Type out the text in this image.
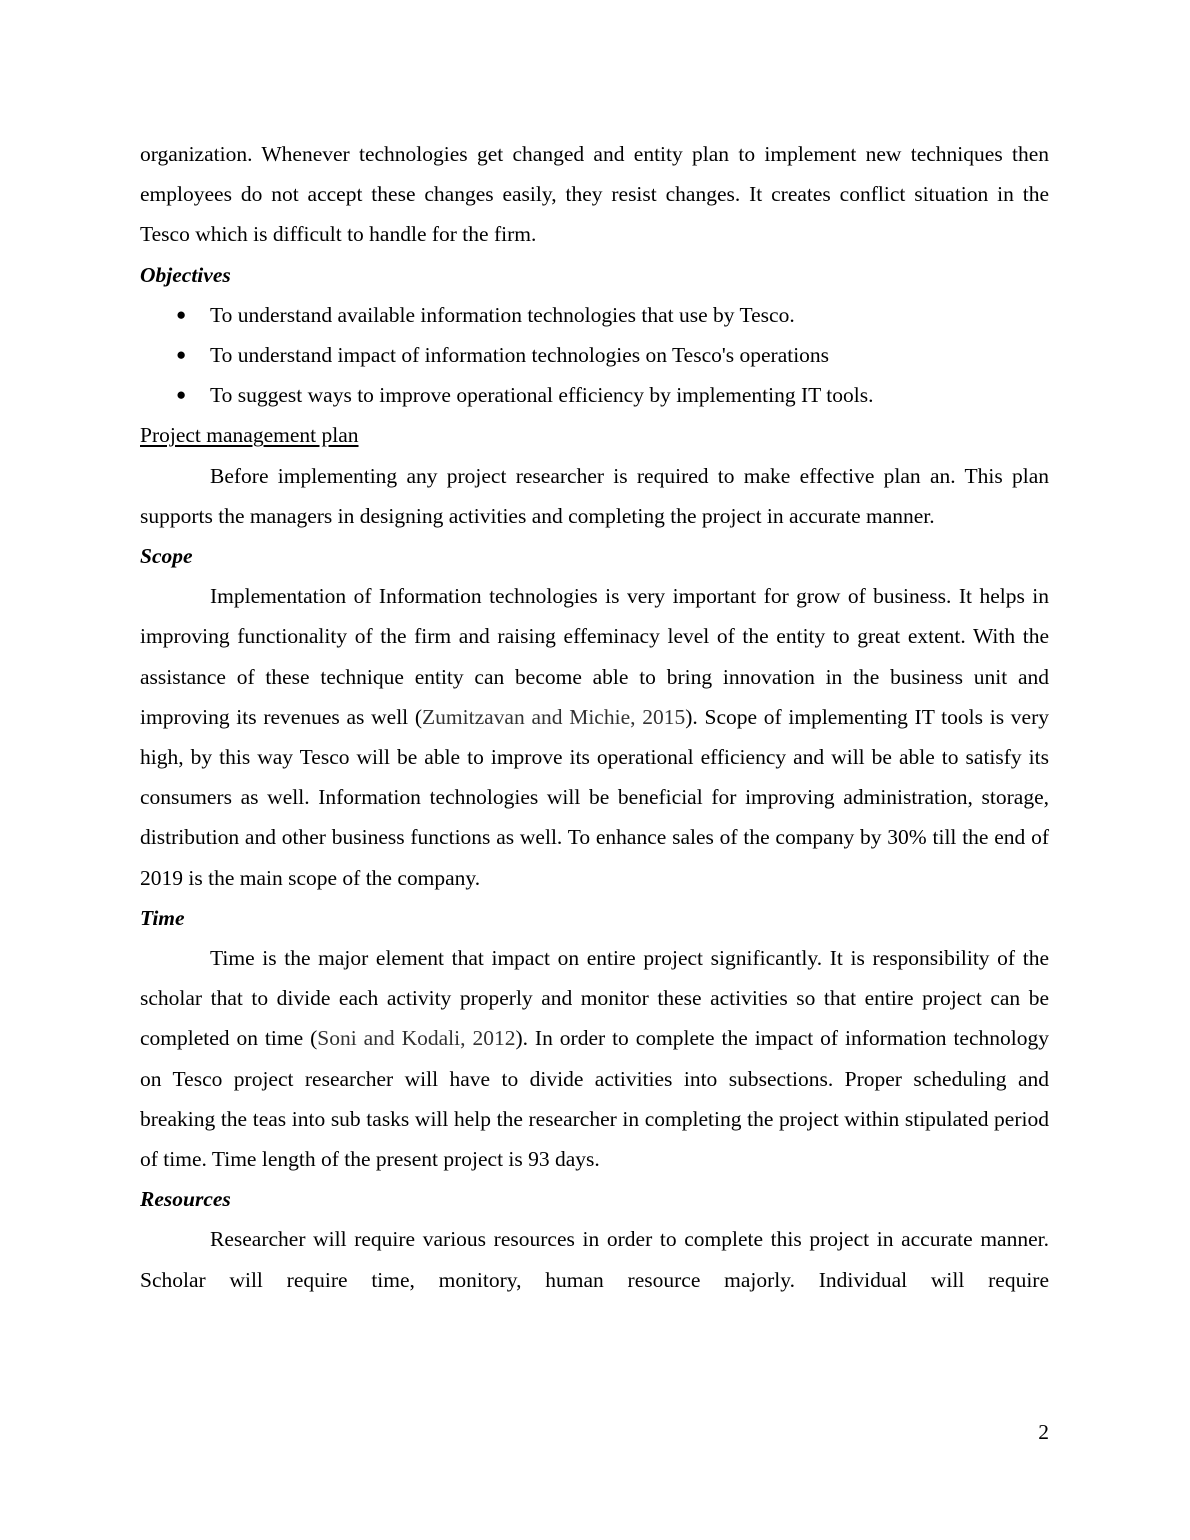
organization. Whenever technologies get changed and entity plan to implement new techniques then employees do not accept these changes easily, they resist changes. It creates conflict situation in the Tesco which is difficult to handle for the firm.

Objectives

● To understand available information technologies that use by Tesco.
● To understand impact of information technologies on Tesco's operations
● To suggest ways to improve operational efficiency by implementing IT tools.

Project management plan

Before implementing any project researcher is required to make effective plan an. This plan supports the managers in designing activities and completing the project in accurate manner.

Scope

Implementation of Information technologies is very important for grow of business. It helps in improving functionality of the firm and raising effeminacy level of the entity to great extent. With the assistance of these technique entity can become able to bring innovation in the business unit and improving its revenues as well (Zumitzavan and Michie, 2015). Scope of implementing IT tools is very high, by this way Tesco will be able to improve its operational efficiency and will be able to satisfy its consumers as well. Information technologies will be beneficial for improving administration, storage, distribution and other business functions as well. To enhance sales of the company by 30% till the end of 2019 is the main scope of the company.

Time

Time is the major element that impact on entire project significantly. It is responsibility of the scholar that to divide each activity properly and monitor these activities so that entire project can be completed on time (Soni and Kodali, 2012). In order to complete the impact of information technology on Tesco project researcher will have to divide activities into subsections. Proper scheduling and breaking the teas into sub tasks will help the researcher in completing the project within stipulated period of time. Time length of the present project is 93 days.

Resources

Researcher will require various resources in order to complete this project in accurate manner. Scholar will require time, monitory, human resource majorly. Individual will require

2
